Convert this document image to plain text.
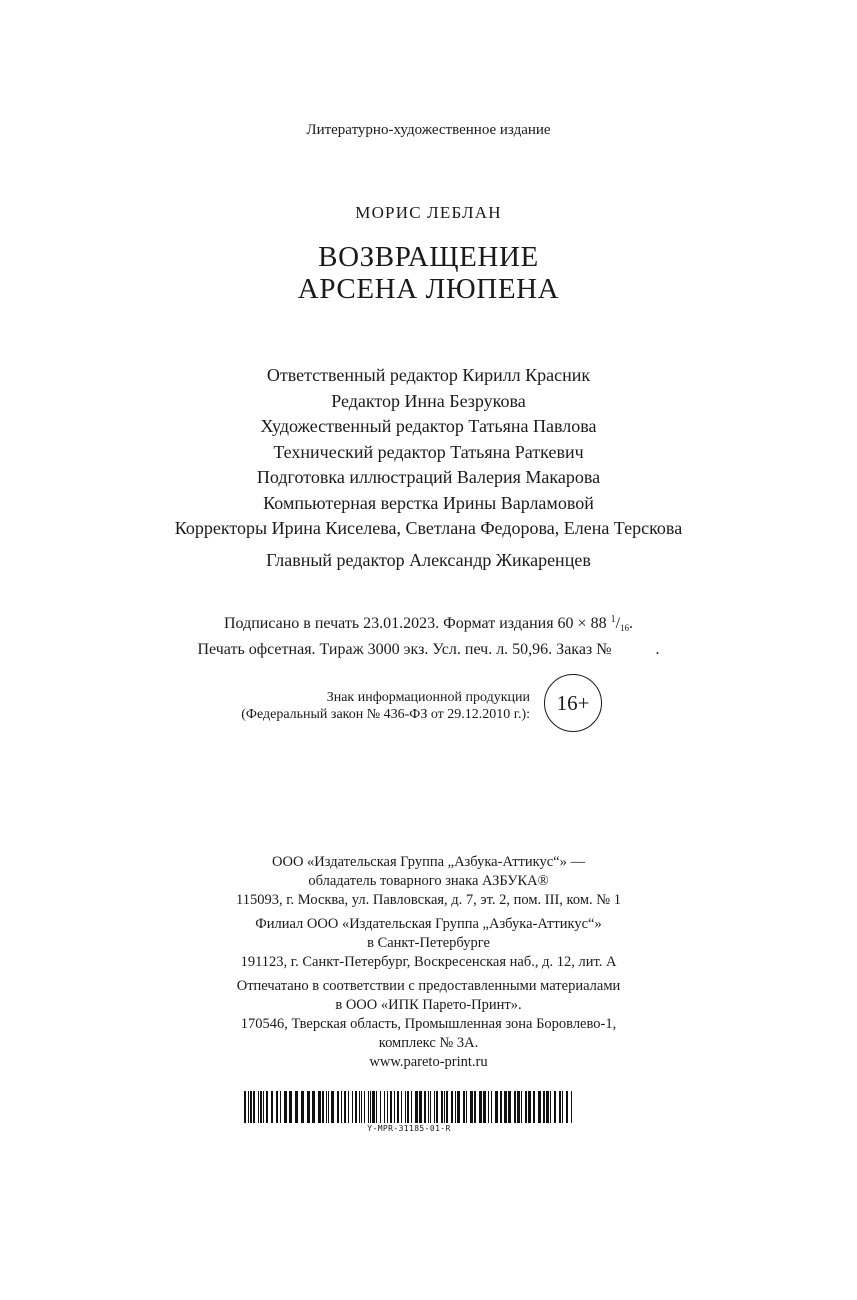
Литературно-художественное издание
МОРИС ЛЕБЛАН
ВОЗВРАЩЕНИЕ
АРСЕНА ЛЮПЕНА
Ответственный редактор Кирилл Красник
Редактор Инна Безрукова
Художественный редактор Татьяна Павлова
Технический редактор Татьяна Раткевич
Подготовка иллюстраций Валерия Макарова
Компьютерная верстка Ирины Варламовой
Корректоры Ирина Киселева, Светлана Федорова, Елена Терскова
Главный редактор Александр Жикаренцев
Подписано в печать 23.01.2023. Формат издания 60 × 88 $^1/_{16}$.
Печать офсетная. Тираж 3000 экз. Усл. печ. л. 50,96. Заказ №           .
Знак информационной продукции
(Федеральный закон № 436-ФЗ от 29.12.2010 г.):	16+
ООО «Издательская Группа „Азбука-Аттикус“» —
обладатель товарного знака АЗБУКА®
115093, г. Москва, ул. Павловская, д. 7, эт. 2, пом. III, ком. № 1
Филиал ООО «Издательская Группа „Азбука-Аттикус“»
в Санкт-Петербурге
191123, г. Санкт-Петербург, Воскресенская наб., д. 12, лит. А
Отпечатано в соответствии с предоставленными материалами
в ООО «ИПК Парето-Принт».
170546, Тверская область, Промышленная зона Боровлево-1,
комплекс № 3А.
www.pareto-print.ru
Y-MPR-31185-01-R
